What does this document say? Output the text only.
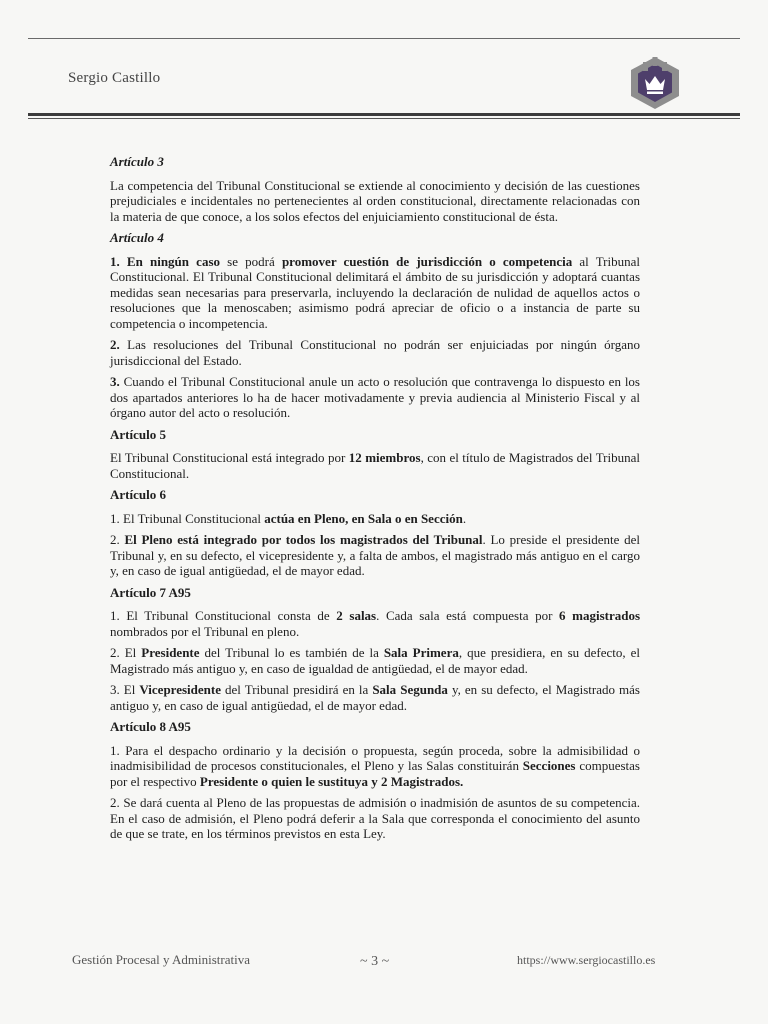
Sergio Castillo
Artículo 3

La competencia del Tribunal Constitucional se extiende al conocimiento y decisión de las cuestiones prejudiciales e incidentales no pertenecientes al orden constitucional, directamente relacionadas con la materia de que conoce, a los solos efectos del enjuiciamiento constitucional de ésta.

Artículo 4

1. En ningún caso se podrá promover cuestión de jurisdicción o competencia al Tribunal Constitucional. El Tribunal Constitucional delimitará el ámbito de su jurisdicción y adoptará cuantas medidas sean necesarias para preservarla, incluyendo la declaración de nulidad de aquellos actos o resoluciones que la menoscaben; asimismo podrá apreciar de oficio o a instancia de parte su competencia o incompetencia.

2. Las resoluciones del Tribunal Constitucional no podrán ser enjuiciadas por ningún órgano jurisdiccional del Estado.

3. Cuando el Tribunal Constitucional anule un acto o resolución que contravenga lo dispuesto en los dos apartados anteriores lo ha de hacer motivadamente y previa audiencia al Ministerio Fiscal y al órgano autor del acto o resolución.

Artículo 5

El Tribunal Constitucional está integrado por 12 miembros, con el título de Magistrados del Tribunal Constitucional.

Artículo 6

1. El Tribunal Constitucional actúa en Pleno, en Sala o en Sección.

2. El Pleno está integrado por todos los magistrados del Tribunal. Lo preside el presidente del Tribunal y, en su defecto, el vicepresidente y, a falta de ambos, el magistrado más antiguo en el cargo y, en caso de igual antigüedad, el de mayor edad.

Artículo 7 A95

1. El Tribunal Constitucional consta de 2 salas. Cada sala está compuesta por 6 magistrados nombrados por el Tribunal en pleno.

2. El Presidente del Tribunal lo es también de la Sala Primera, que presidiera, en su defecto, el Magistrado más antiguo y, en caso de igualdad de antigüedad, el de mayor edad.

3. El Vicepresidente del Tribunal presidirá en la Sala Segunda y, en su defecto, el Magistrado más antiguo y, en caso de igual antigüedad, el de mayor edad.

Artículo 8 A95

1. Para el despacho ordinario y la decisión o propuesta, según proceda, sobre la admisibilidad o inadmisibilidad de procesos constitucionales, el Pleno y las Salas constituirán Secciones compuestas por el respectivo Presidente o quien le sustituya y 2 Magistrados.

2. Se dará cuenta al Pleno de las propuestas de admisión o inadmisión de asuntos de su competencia. En el caso de admisión, el Pleno podrá deferir a la Sala que corresponda el conocimiento del asunto de que se trate, en los términos previstos en esta Ley.

Gestión Procesal y Administrativa	~ 3 ~	https://www.sergiocastillo.es
